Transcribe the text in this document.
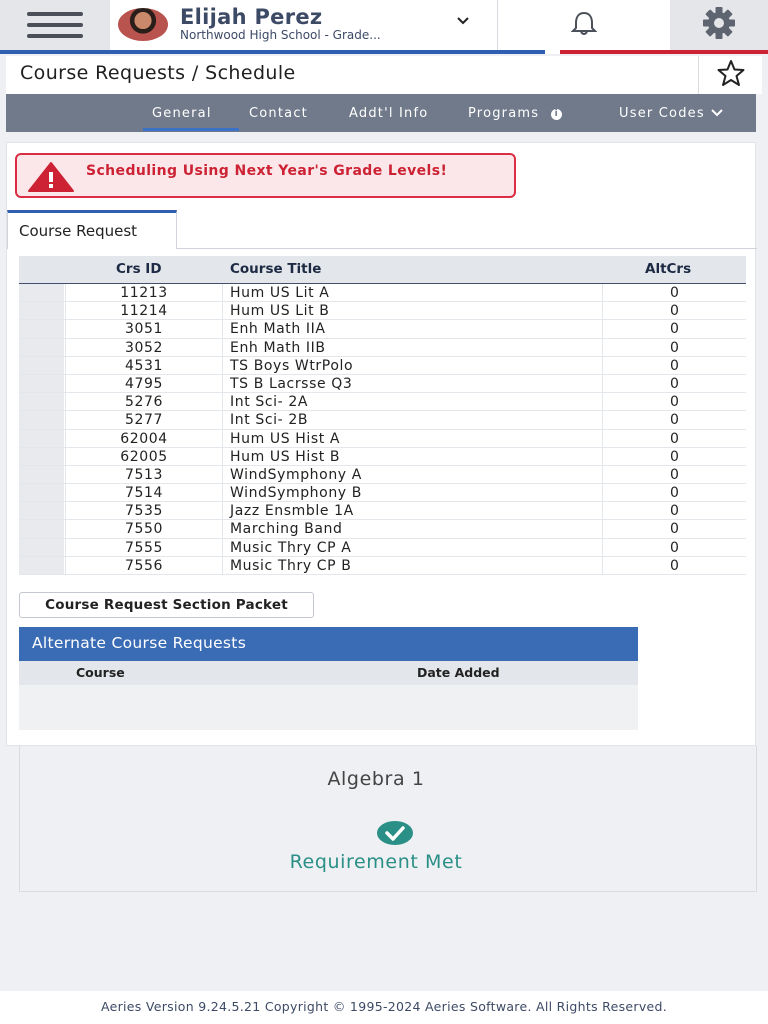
Elijah Perez
Northwood High School - Grade...
Course Requests / Schedule
General	Contact	Addt'l Info	Programs i	User Codes
Scheduling Using Next Year's Grade Levels!
Course Request
Crs ID	Course Title	AltCrs
11213	Hum US Lit A	0
11214	Hum US Lit B	0
3051	Enh Math IIA	0
3052	Enh Math IIB	0
4531	TS Boys WtrPolo	0
4795	TS B Lacrsse Q3	0
5276	Int Sci- 2A	0
5277	Int Sci- 2B	0
62004	Hum US Hist A	0
62005	Hum US Hist B	0
7513	WindSymphony A	0
7514	WindSymphony B	0
7535	Jazz Ensmble 1A	0
7550	Marching Band	0
7555	Music Thry CP A	0
7556	Music Thry CP B	0
Course Request Section Packet
Alternate Course Requests
Course	Date Added
Algebra 1
Requirement Met
Aeries Version 9.24.5.21 Copyright © 1995-2024 Aeries Software. All Rights Reserved.
